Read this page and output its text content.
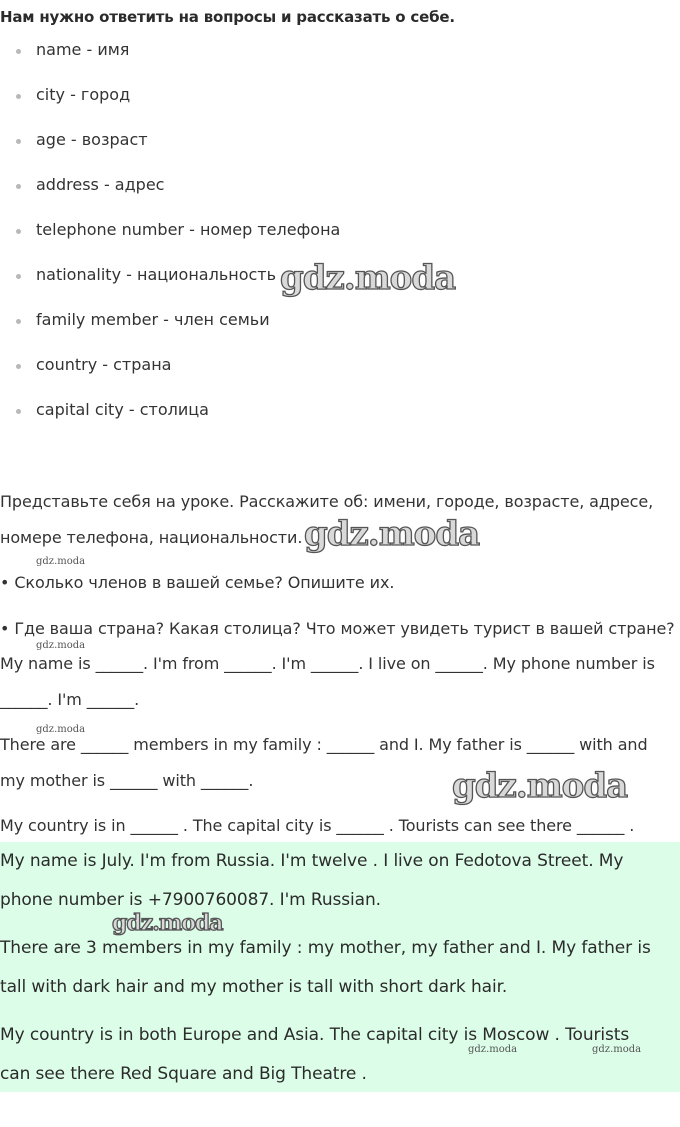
Нам нужно ответить на вопросы и рассказать о себе.
name - имя
city - город
age - возраст
address - адрес
telephone number - номер телефона
nationality - национальность
family member - член семьи
country - страна
capital city - столица
gdz.moda

Представьте себя на уроке. Расскажите об: имени, городе, возрасте, адресе,

номере телефона, национальности. gdz.moda
gdz.moda

• Сколько членов в вашей семье? Опишите их.

• Где ваша страна? Какая столица? Что может увидеть турист в вашей стране?

gdz.moda

My name is ______. I'm from ______. I'm ______. I live on ______. My phone number is

______. I'm ______.

gdz.moda

There are ______ members in my family : ______ and I. My father is ______ with and

my mother is ______ with ______.	gdz.moda

My country is in ______ . The capital city is ______ . Tourists can see there ______ .

My name is July. I'm from Russia. I'm twelve . I live on Fedotova Street. My

phone number is +7900760087. I'm Russian.

gdz.moda

There are 3 members in my family : my mother, my father and I. My father is

tall with dark hair and my mother is tall with short dark hair.

My country is in both Europe and Asia. The capital city is Moscow . Tourists

gdz.moda	gdz.moda

can see there Red Square and Big Theatre .
